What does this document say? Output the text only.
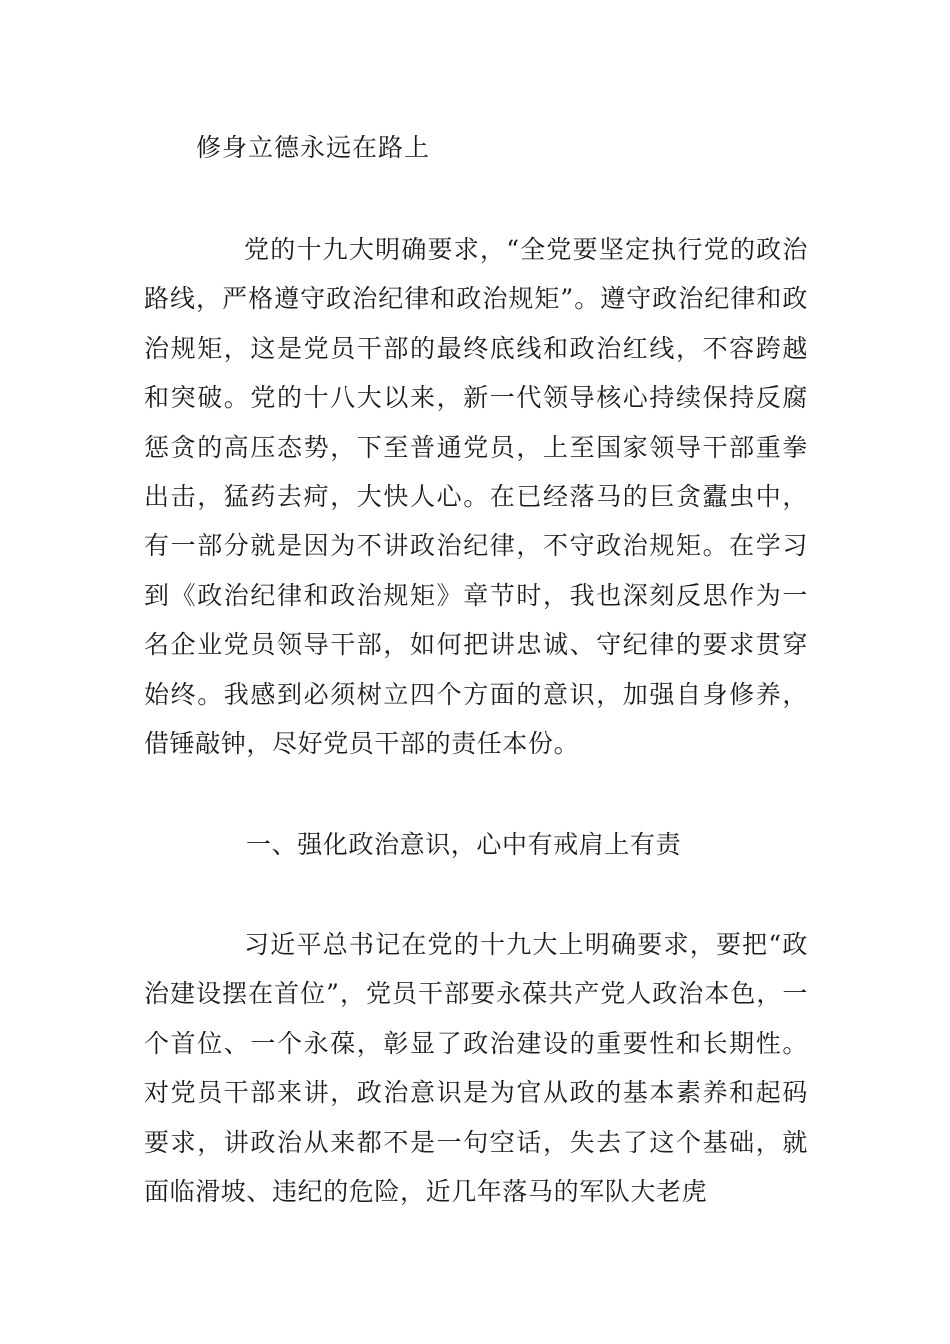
修身立德永远在路上

党的十九大明确要求，“全党要坚定执行党的政治路线，严格遵守政治纪律和政治规矩”。遵守政治纪律和政治规矩，这是党员干部的最终底线和政治红线，不容跨越和突破。党的十八大以来，新一代领导核心持续保持反腐惩贪的高压态势，下至普通党员，上至国家领导干部重拳出击，猛药去疴，大快人心。在已经落马的巨贪蠹虫中，有一部分就是因为不讲政治纪律，不守政治规矩。在学习到《政治纪律和政治规矩》章节时，我也深刻反思作为一名企业党员领导干部，如何把讲忠诚、守纪律的要求贯穿始终。我感到必须树立四个方面的意识，加强自身修养，借锤敲钟，尽好党员干部的责任本份。

一、强化政治意识，心中有戒肩上有责

习近平总书记在党的十九大上明确要求，要把“政治建设摆在首位”，党员干部要永葆共产党人政治本色，一个首位、一个永葆，彰显了政治建设的重要性和长期性。对党员干部来讲，政治意识是为官从政的基本素养和起码要求，讲政治从来都不是一句空话，失去了这个基础，就面临滑坡、违纪的危险，近几年落马的军队大老虎
